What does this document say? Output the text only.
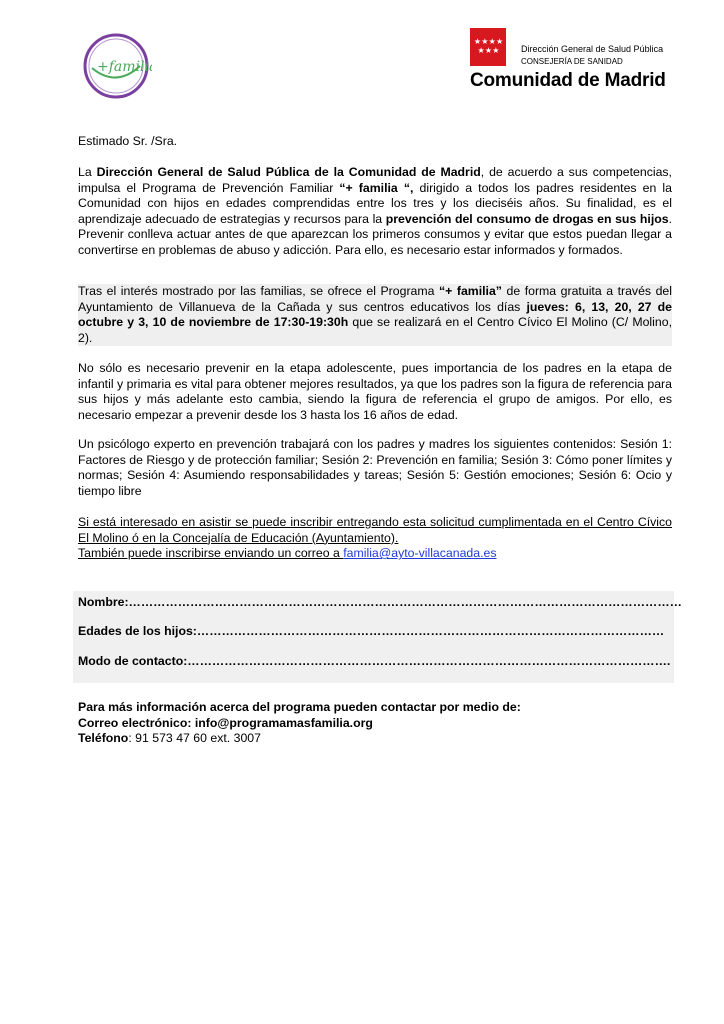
+familia
★ ★ ★ ★ ★ ★ ★	Dirección General de Salud Pública
CONSEJERÍA DE SANIDAD
Comunidad de Madrid
Estimado Sr. /Sra.
La Dirección General de Salud Pública de la Comunidad de Madrid, de acuerdo a sus competencias, impulsa el Programa de Prevención Familiar “+ familia “, dirigido a todos los padres residentes en la Comunidad con hijos en edades comprendidas entre los tres y los dieciséis años. Su finalidad, es el aprendizaje adecuado de estrategias y recursos para la prevención del consumo de drogas en sus hijos. Prevenir conlleva actuar antes de que aparezcan los primeros consumos y evitar que estos puedan llegar a convertirse en problemas de abuso y adicción. Para ello, es necesario estar informados y formados.
Tras el interés mostrado por las familias, se ofrece el Programa “+ familia” de forma gratuita a través del Ayuntamiento de Villanueva de la Cañada y sus centros educativos los días jueves: 6, 13, 20, 27 de octubre y 3, 10 de noviembre de 17:30-19:30h que se realizará en el Centro Cívico El Molino (C/ Molino, 2).
No sólo es necesario prevenir en la etapa adolescente, pues importancia de los padres en la etapa de infantil y primaria es vital para obtener mejores resultados, ya que los padres son la figura de referencia para sus hijos y más adelante esto cambia, siendo la figura de referencia el grupo de amigos. Por ello, es necesario empezar a prevenir desde los 3 hasta los 16 años de edad.
Un psicólogo experto en prevención trabajará con los padres y madres los siguientes contenidos: Sesión 1: Factores de Riesgo y de protección familiar; Sesión 2: Prevención en familia; Sesión 3: Cómo poner límites y normas; Sesión 4: Asumiendo responsabilidades y tareas; Sesión 5: Gestión emociones; Sesión 6: Ocio y tiempo libre
Si está interesado en asistir se puede inscribir entregando esta solicitud cumplimentada en el Centro Cívico El Molino ó en la Concejalía de Educación (Ayuntamiento).
También puede inscribirse enviando un correo a familia@ayto-villacanada.es
Nombre:………………………………………………………………………………………………………………………
Edades de los hijos:……………………………………………………………………………………………………
Modo de contacto:……………………………………………………………………………………………………….
Para más información acerca del programa pueden contactar por medio de:
Correo electrónico: info@programamasfamilia.org
Teléfono: 91 573 47 60 ext. 3007
